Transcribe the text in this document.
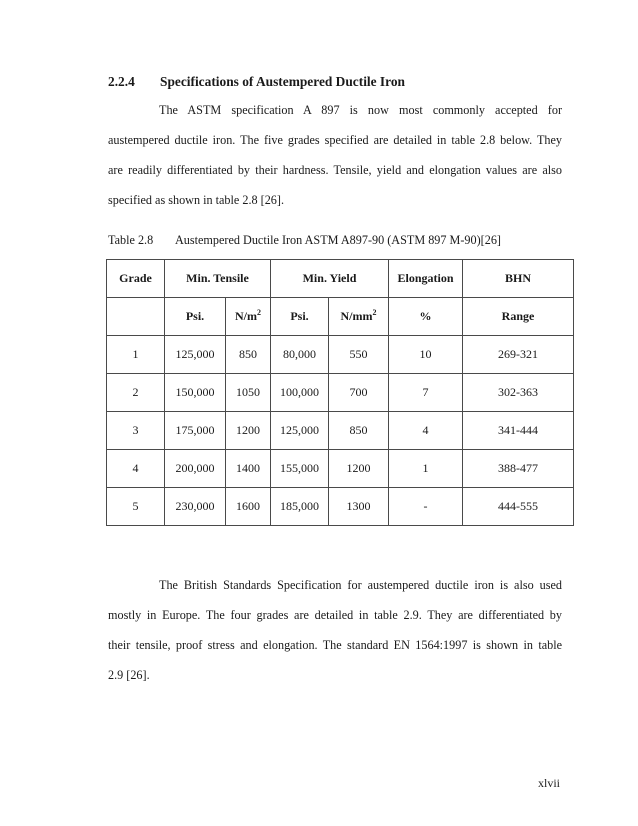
2.2.4 Specifications of Austempered Ductile Iron

The ASTM specification A 897 is now most commonly accepted for

austempered ductile iron. The five grades specified are detailed in table 2.8 below. They

are readily differentiated by their hardness. Tensile, yield and elongation values are also

specified as shown in table 2.8 [26].

Table 2.8 Austempered Ductile Iron ASTM A897-90 (ASTM 897 M-90)[26]
Grade	Min. Tensile		Min. Yield		Elongation	BHN
	Psi.	$N/m^2$	Psi.	$N/mm^2$	%	Range
1	125,000	850	80,000	550	10	269-321
2	150,000	1050	100,000	700	7	302-363
3	175,000	1200	125,000	850	4	341-444
4	200,000	1400	155,000	1200	1	388-477
5	230,000	1600	185,000	1300	-	444-555

The British Standards Specification for austempered ductile iron is also used

mostly in Europe. The four grades are detailed in table 2.9. They are differentiated by

their tensile, proof stress and elongation. The standard EN 1564:1997 is shown in table

2.9 [26].

xlvii
